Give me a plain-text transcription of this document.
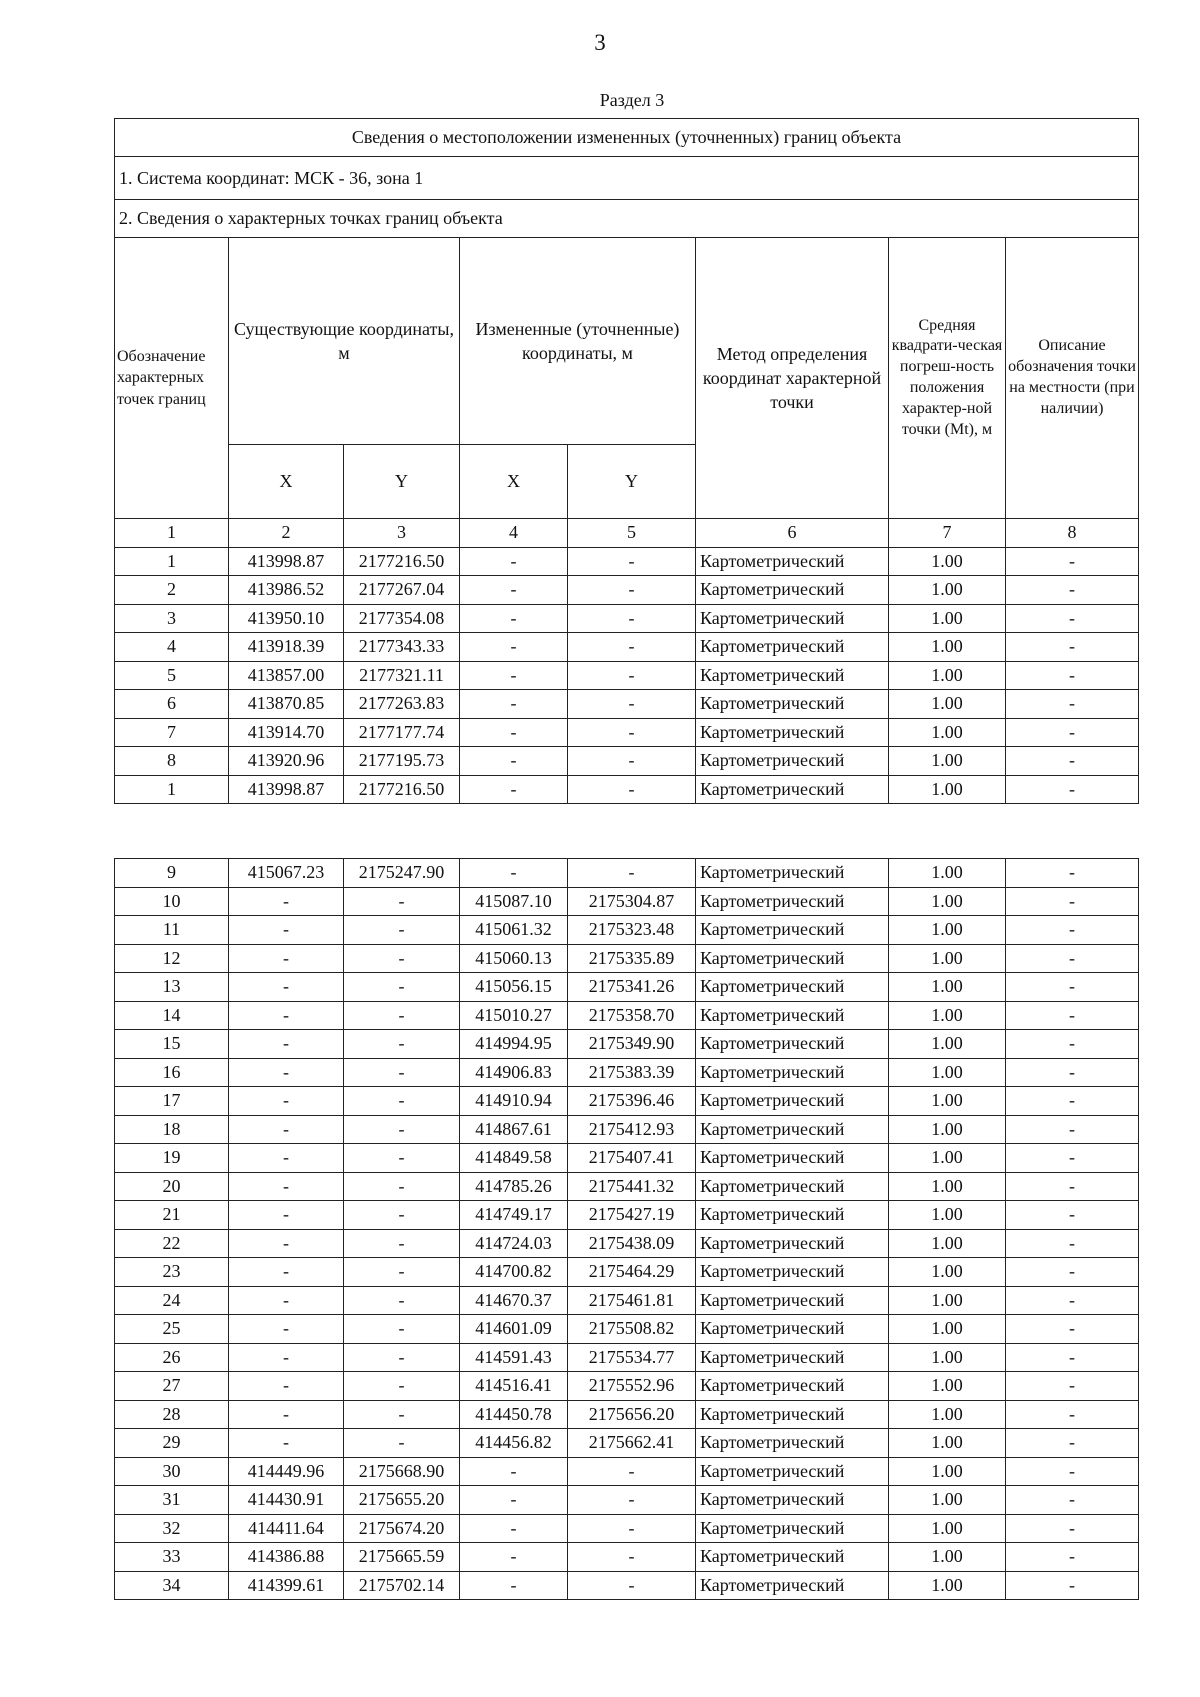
3
Раздел 3
Сведения о местоположении измененных (уточненных) границ объекта							
1. Система координат: МСК - 36, зона 1							
2. Сведения о характерных точках границ объекта							
Обозначение характерных точек границ	Существующие координаты, м		Измененные (уточненные) координаты, м		Метод определения координат характерной точки	Средняя квадрати-ческая погреш-ность положения характер-ной точки (Mt), м	Описание обозначения точки на местности (при наличии)
	X	Y	X	Y			
1	2	3	4	5	6	7	8
1	413998.87	2177216.50	-	-	Картометрический	1.00	-
2	413986.52	2177267.04	-	-	Картометрический	1.00	-
3	413950.10	2177354.08	-	-	Картометрический	1.00	-
4	413918.39	2177343.33	-	-	Картометрический	1.00	-
5	413857.00	2177321.11	-	-	Картометрический	1.00	-
6	413870.85	2177263.83	-	-	Картометрический	1.00	-
7	413914.70	2177177.74	-	-	Картометрический	1.00	-
8	413920.96	2177195.73	-	-	Картометрический	1.00	-
1	413998.87	2177216.50	-	-	Картометрический	1.00	-
9	415067.23	2175247.90	-	-	Картометрический	1.00	-
10	-	-	415087.10	2175304.87	Картометрический	1.00	-
11	-	-	415061.32	2175323.48	Картометрический	1.00	-
12	-	-	415060.13	2175335.89	Картометрический	1.00	-
13	-	-	415056.15	2175341.26	Картометрический	1.00	-
14	-	-	415010.27	2175358.70	Картометрический	1.00	-
15	-	-	414994.95	2175349.90	Картометрический	1.00	-
16	-	-	414906.83	2175383.39	Картометрический	1.00	-
17	-	-	414910.94	2175396.46	Картометрический	1.00	-
18	-	-	414867.61	2175412.93	Картометрический	1.00	-
19	-	-	414849.58	2175407.41	Картометрический	1.00	-
20	-	-	414785.26	2175441.32	Картометрический	1.00	-
21	-	-	414749.17	2175427.19	Картометрический	1.00	-
22	-	-	414724.03	2175438.09	Картометрический	1.00	-
23	-	-	414700.82	2175464.29	Картометрический	1.00	-
24	-	-	414670.37	2175461.81	Картометрический	1.00	-
25	-	-	414601.09	2175508.82	Картометрический	1.00	-
26	-	-	414591.43	2175534.77	Картометрический	1.00	-
27	-	-	414516.41	2175552.96	Картометрический	1.00	-
28	-	-	414450.78	2175656.20	Картометрический	1.00	-
29	-	-	414456.82	2175662.41	Картометрический	1.00	-
30	414449.96	2175668.90	-	-	Картометрический	1.00	-
31	414430.91	2175655.20	-	-	Картометрический	1.00	-
32	414411.64	2175674.20	-	-	Картометрический	1.00	-
33	414386.88	2175665.59	-	-	Картометрический	1.00	-
34	414399.61	2175702.14	-	-	Картометрический	1.00	-
